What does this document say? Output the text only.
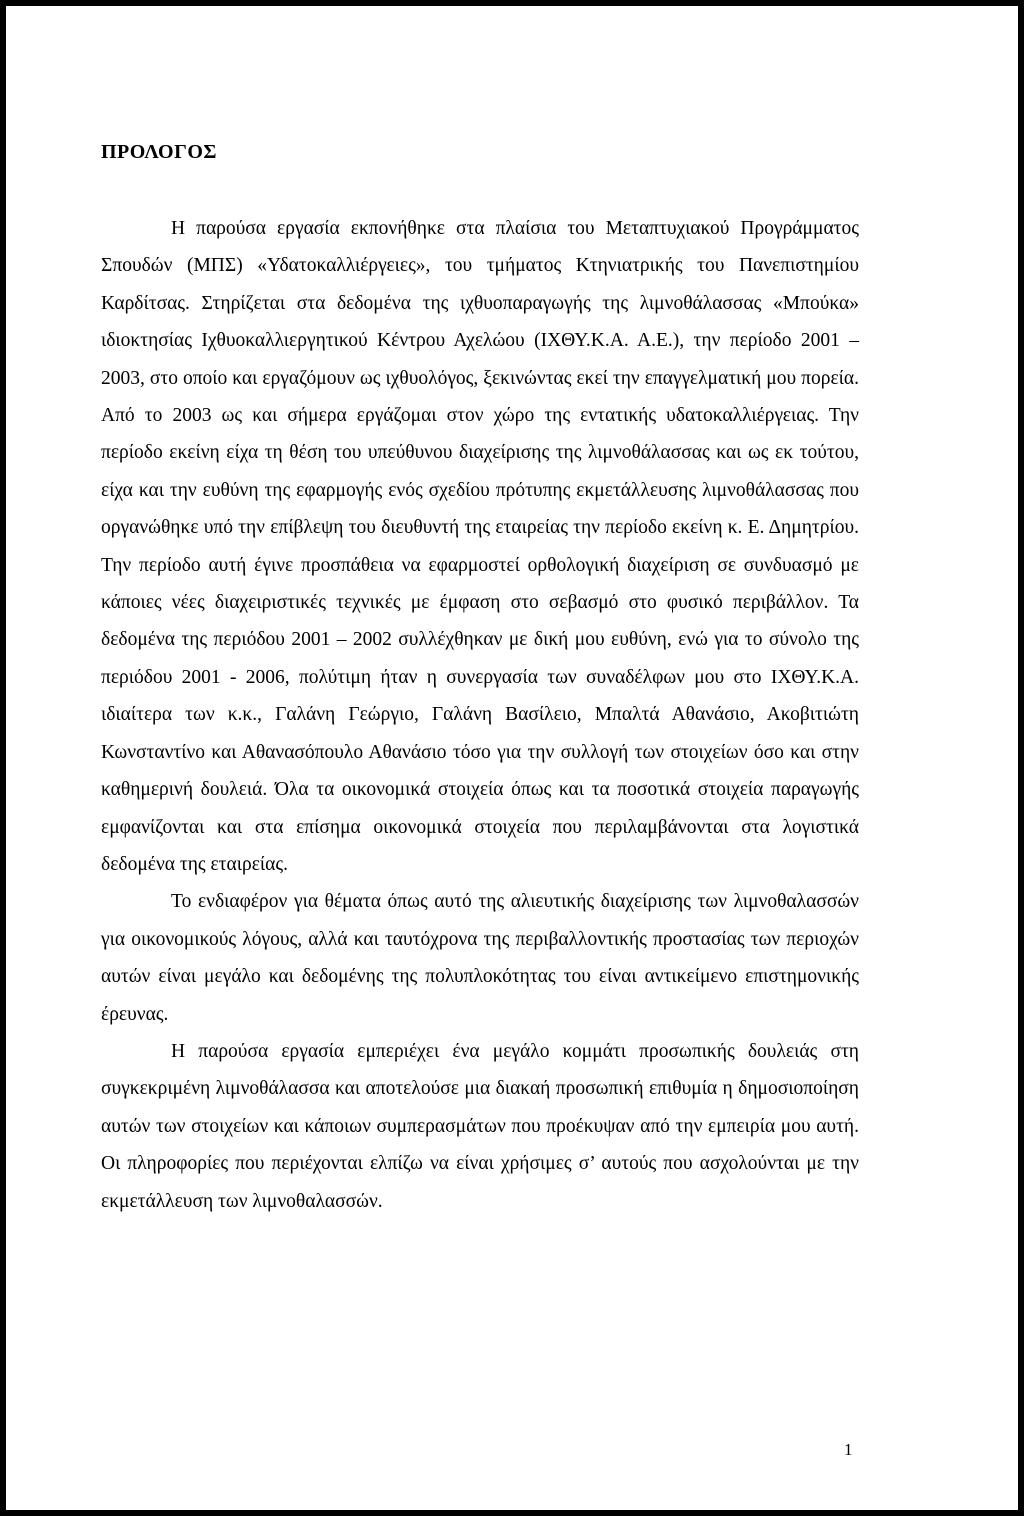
ΠΡΟΛΟΓΟΣ

Η παρούσα εργασία εκπονήθηκε στα πλαίσια του Μεταπτυχιακού Προγράμματος Σπουδών (ΜΠΣ) «Υδατοκαλλιέργειες», του τμήματος Κτηνιατρικής του Πανεπιστημίου Καρδίτσας. Στηρίζεται στα δεδομένα της ιχθυοπαραγωγής της λιμνοθάλασσας «Μπούκα» ιδιοκτησίας Ιχθυοκαλλιεργητικού Κέντρου Αχελώου (ΙΧΘΥ.Κ.Α. Α.Ε.), την περίοδο 2001 – 2003, στο οποίο και εργαζόμουν ως ιχθυολόγος, ξεκινώντας εκεί την επαγγελματική μου πορεία. Από το 2003 ως και σήμερα εργάζομαι στον χώρο της εντατικής υδατοκαλλιέργειας. Την περίοδο εκείνη είχα τη θέση του υπεύθυνου διαχείρισης της λιμνοθάλασσας και ως εκ τούτου, είχα και την ευθύνη της εφαρμογής ενός σχεδίου πρότυπης εκμετάλλευσης λιμνοθάλασσας που οργανώθηκε υπό την επίβλεψη του διευθυντή της εταιρείας την περίοδο εκείνη κ. Ε. Δημητρίου. Την περίοδο αυτή έγινε προσπάθεια να εφαρμοστεί ορθολογική διαχείριση σε συνδυασμό με κάποιες νέες διαχειριστικές τεχνικές με έμφαση στο σεβασμό στο φυσικό περιβάλλον. Τα δεδομένα της περιόδου 2001 – 2002 συλλέχθηκαν με δική μου ευθύνη, ενώ για το σύνολο της περιόδου 2001 - 2006, πολύτιμη ήταν η συνεργασία των συναδέλφων μου στο ΙΧΘΥ.Κ.Α. ιδιαίτερα των κ.κ., Γαλάνη Γεώργιο, Γαλάνη Βασίλειο, Μπαλτά Αθανάσιο, Ακοβιτιώτη Κωνσταντίνο και Αθανασόπουλο Αθανάσιο τόσο για την συλλογή των στοιχείων όσο και στην καθημερινή δουλειά. Όλα τα οικονομικά στοιχεία όπως και τα ποσοτικά στοιχεία παραγωγής εμφανίζονται και στα επίσημα οικονομικά στοιχεία που περιλαμβάνονται στα λογιστικά δεδομένα της εταιρείας.

Το ενδιαφέρον για θέματα όπως αυτό της αλιευτικής διαχείρισης των λιμνοθαλασσών για οικονομικούς λόγους, αλλά και ταυτόχρονα της περιβαλλοντικής προστασίας των περιοχών αυτών είναι μεγάλο και δεδομένης της πολυπλοκότητας του είναι αντικείμενο επιστημονικής έρευνας.

Η παρούσα εργασία εμπεριέχει ένα μεγάλο κομμάτι προσωπικής δουλειάς στη συγκεκριμένη λιμνοθάλασσα και αποτελούσε μια διακαή προσωπική επιθυμία η δημοσιοποίηση αυτών των στοιχείων και κάποιων συμπερασμάτων που προέκυψαν από την εμπειρία μου αυτή. Οι πληροφορίες που περιέχονται ελπίζω να είναι χρήσιμες σ’ αυτούς που ασχολούνται με την εκμετάλλευση των λιμνοθαλασσών.

1
